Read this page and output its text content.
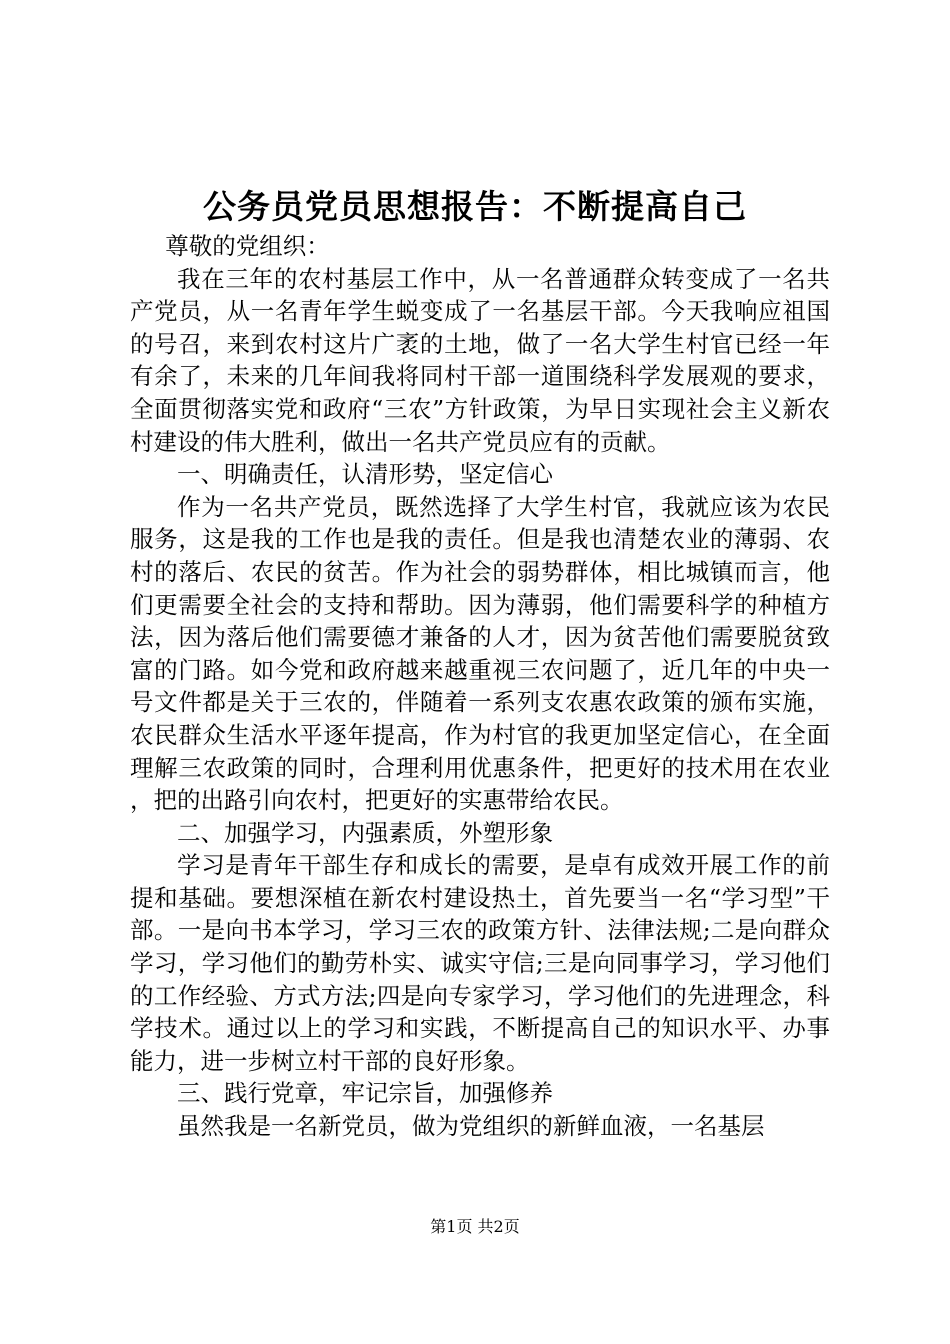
公务员党员思想报告：不断提高自己

尊敬的党组织：

我在三年的农村基层工作中，从一名普通群众转变成了一名共产党员，从一名青年学生蜕变成了一名基层干部。今天我响应祖国的号召，来到农村这片广袤的土地，做了一名大学生村官已经一年有余了，未来的几年间我将同村干部一道围绕科学发展观的要求，全面贯彻落实党和政府“三农”方针政策，为早日实现社会主义新农村建设的伟大胜利，做出一名共产党员应有的贡献。

一、明确责任，认清形势，坚定信心

作为一名共产党员，既然选择了大学生村官，我就应该为农民服务，这是我的工作也是我的责任。但是我也清楚农业的薄弱、农村的落后、农民的贫苦。作为社会的弱势群体，相比城镇而言，他们更需要全社会的支持和帮助。因为薄弱，他们需要科学的种植方法，因为落后他们需要德才兼备的人才，因为贫苦他们需要脱贫致富的门路。如今党和政府越来越重视三农问题了，近几年的中央一号文件都是关于三农的，伴随着一系列支农惠农政策的颁布实施，农民群众生活水平逐年提高，作为村官的我更加坚定信心，在全面理解三农政策的同时，合理利用优惠条件，把更好的技术用在农业，把的出路引向农村，把更好的实惠带给农民。

二、加强学习，内强素质，外塑形象

学习是青年干部生存和成长的需要，是卓有成效开展工作的前提和基础。要想深植在新农村建设热土，首先要当一名“学习型”干部。一是向书本学习，学习三农的政策方针、法律法规;二是向群众学习，学习他们的勤劳朴实、诚实守信;三是向同事学习，学习他们的工作经验、方式方法;四是向专家学习，学习他们的先进理念，科学技术。通过以上的学习和实践，不断提高自己的知识水平、办事能力，进一步树立村干部的良好形象。

三、践行党章，牢记宗旨，加强修养

虽然我是一名新党员，做为党组织的新鲜血液，一名基层

第1页 共2页
